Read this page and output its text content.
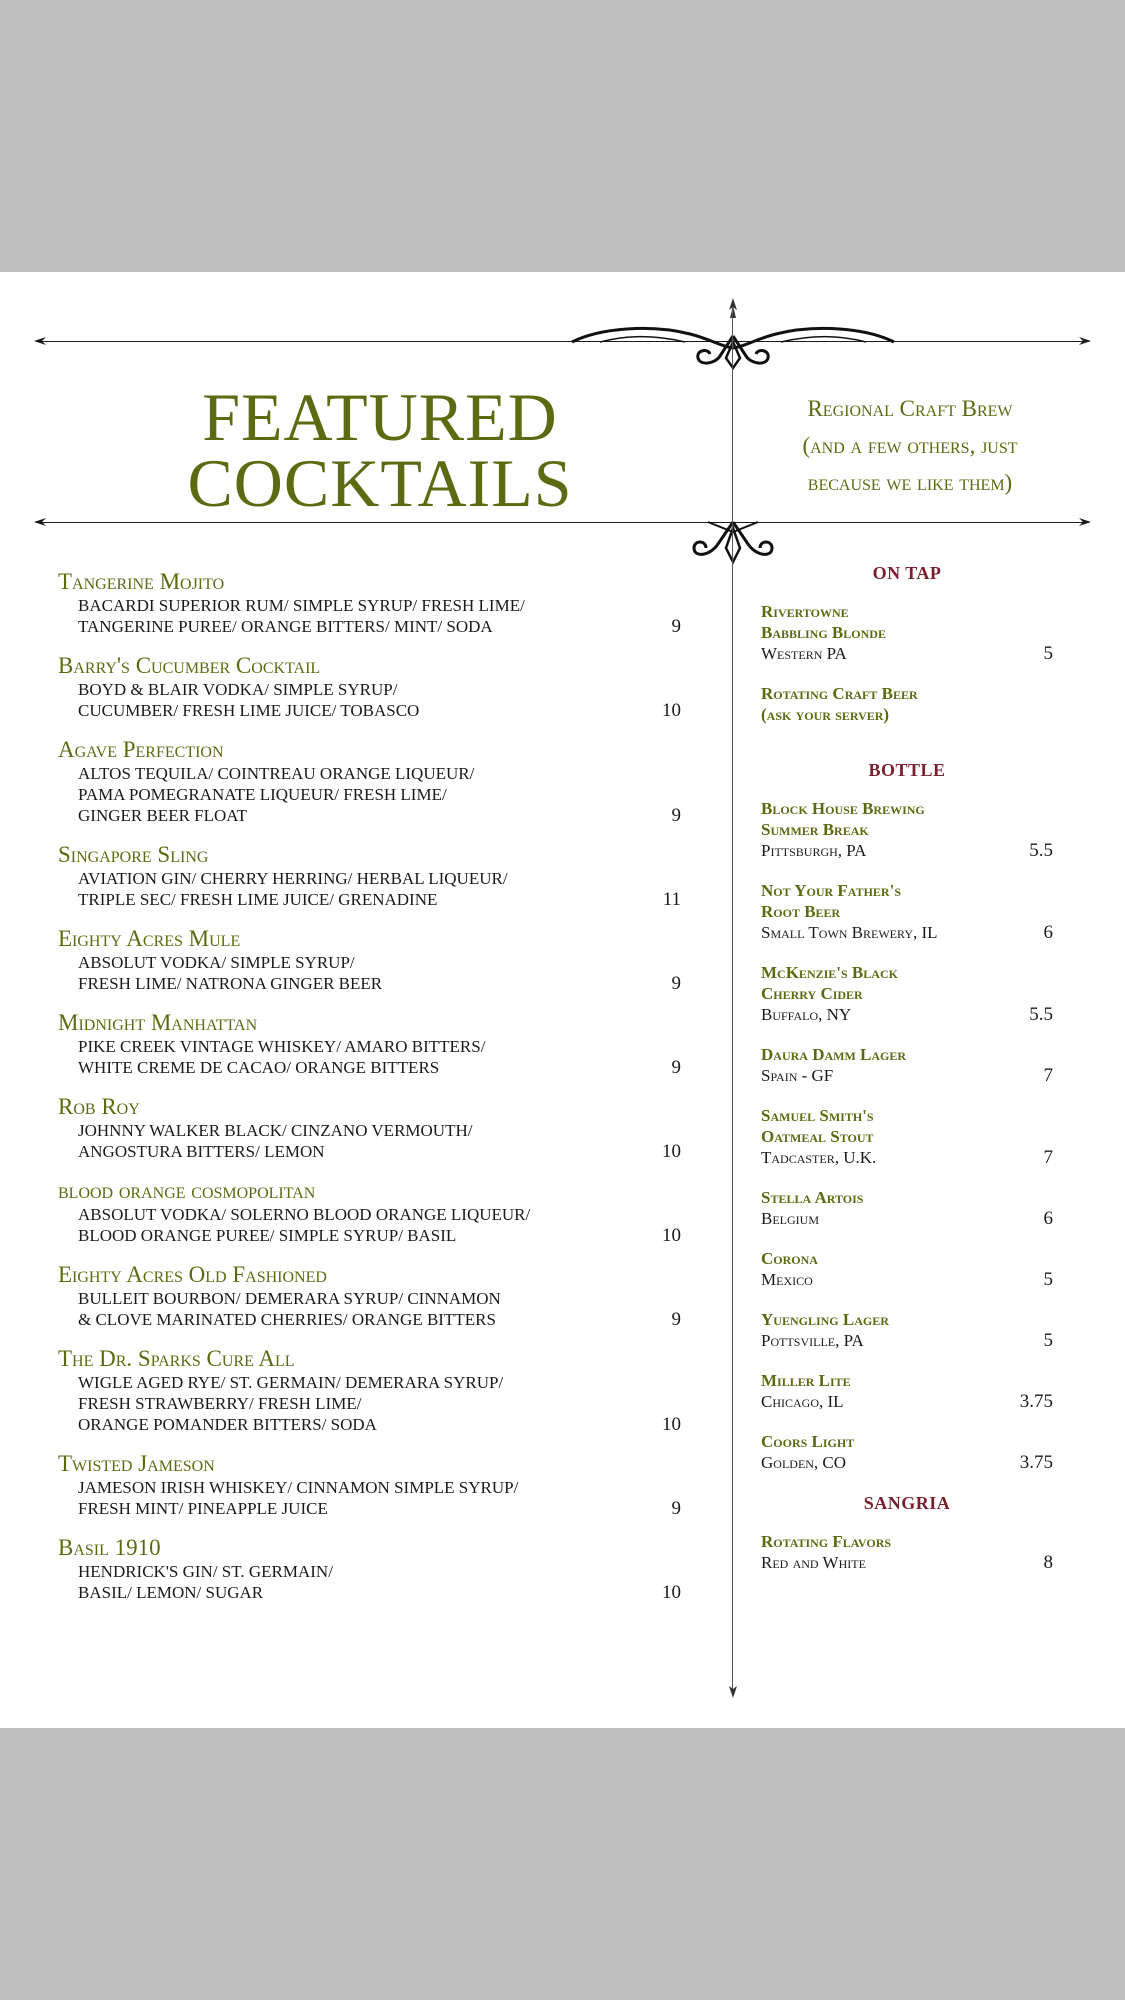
FEATURED
COCKTAILS
Regional Craft Brew
(and a few others, just
because we like them)
Tangerine Mojito
BACARDI SUPERIOR RUM/ SIMPLE SYRUP/ FRESH LIME/
TANGERINE PUREE/ ORANGE BITTERS/ MINT/ SODA	9
Barry's Cucumber Cocktail
BOYD & BLAIR VODKA/ SIMPLE SYRUP/
CUCUMBER/ FRESH LIME JUICE/ TOBASCO	10
Agave Perfection
ALTOS TEQUILA/ COINTREAU ORANGE LIQUEUR/
PAMA POMEGRANATE LIQUEUR/ FRESH LIME/
GINGER BEER FLOAT	9
Singapore Sling
AVIATION GIN/ CHERRY HERRING/ HERBAL LIQUEUR/
TRIPLE SEC/ FRESH LIME JUICE/ GRENADINE	11
Eighty Acres Mule
ABSOLUT VODKA/ SIMPLE SYRUP/
FRESH LIME/ NATRONA GINGER BEER	9
Midnight Manhattan
PIKE CREEK VINTAGE WHISKEY/ AMARO BITTERS/
WHITE CREME DE CACAO/ ORANGE BITTERS	9
Rob Roy
JOHNNY WALKER BLACK/ CINZANO VERMOUTH/
ANGOSTURA BITTERS/ LEMON	10
blood orange cosmopolitan
ABSOLUT VODKA/ SOLERNO BLOOD ORANGE LIQUEUR/
BLOOD ORANGE PUREE/ SIMPLE SYRUP/ BASIL	10
Eighty Acres Old Fashioned
BULLEIT BOURBON/ DEMERARA SYRUP/ CINNAMON
& CLOVE MARINATED CHERRIES/ ORANGE BITTERS	9
The Dr. Sparks Cure All
WIGLE AGED RYE/ ST. GERMAIN/ DEMERARA SYRUP/
FRESH STRAWBERRY/ FRESH LIME/
ORANGE POMANDER BITTERS/ SODA	10
Twisted Jameson
JAMESON IRISH WHISKEY/ CINNAMON SIMPLE SYRUP/
FRESH MINT/ PINEAPPLE JUICE	9
Basil 1910
HENDRICK'S GIN/ ST. GERMAIN/
BASIL/ LEMON/ SUGAR	10
ON TAP
Rivertowne
Babbling Blonde
Western PA	5
Rotating Craft Beer
(ask your server)
BOTTLE
Block House Brewing
Summer Break
Pittsburgh, PA	5.5
Not Your Father's
Root Beer
Small Town Brewery, IL	6
McKenzie's Black
Cherry Cider
Buffalo, NY	5.5
Daura Damm Lager
Spain - GF	7
Samuel Smith's
Oatmeal Stout
Tadcaster, U.K.	7
Stella Artois
Belgium	6
Corona
Mexico	5
Yuengling Lager
Pottsville, PA	5
Miller Lite
Chicago, IL	3.75
Coors Light
Golden, CO	3.75
SANGRIA
Rotating Flavors
Red and White	8
